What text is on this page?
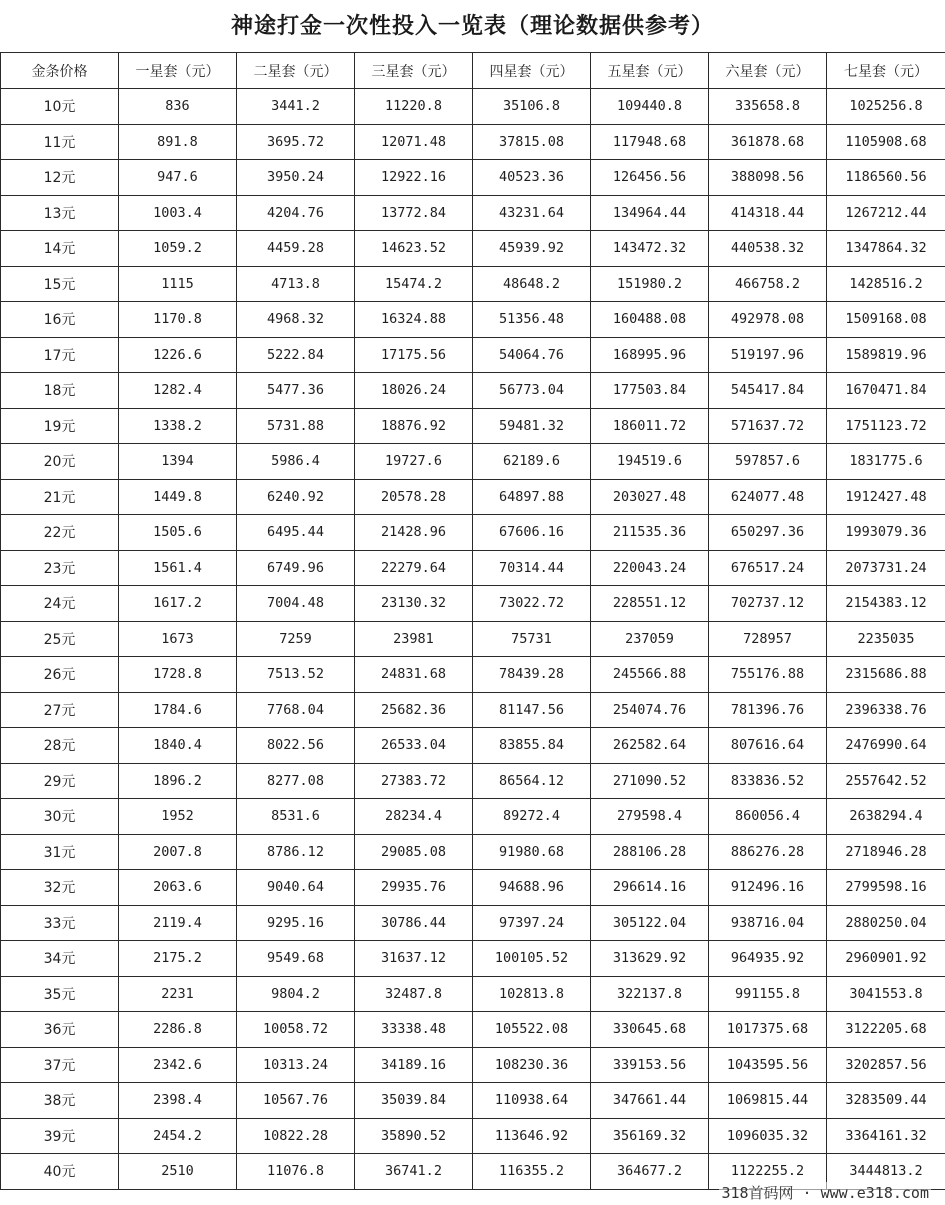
神途打金一次性投入一览表（理论数据供参考）
金条价格	一星套（元）	二星套（元）	三星套（元）	四星套（元）	五星套（元）	六星套（元）	七星套（元）
10元	836	3441.2	11220.8	35106.8	109440.8	335658.8	1025256.8
11元	891.8	3695.72	12071.48	37815.08	117948.68	361878.68	1105908.68
12元	947.6	3950.24	12922.16	40523.36	126456.56	388098.56	1186560.56
13元	1003.4	4204.76	13772.84	43231.64	134964.44	414318.44	1267212.44
14元	1059.2	4459.28	14623.52	45939.92	143472.32	440538.32	1347864.32
15元	1115	4713.8	15474.2	48648.2	151980.2	466758.2	1428516.2
16元	1170.8	4968.32	16324.88	51356.48	160488.08	492978.08	1509168.08
17元	1226.6	5222.84	17175.56	54064.76	168995.96	519197.96	1589819.96
18元	1282.4	5477.36	18026.24	56773.04	177503.84	545417.84	1670471.84
19元	1338.2	5731.88	18876.92	59481.32	186011.72	571637.72	1751123.72
20元	1394	5986.4	19727.6	62189.6	194519.6	597857.6	1831775.6
21元	1449.8	6240.92	20578.28	64897.88	203027.48	624077.48	1912427.48
22元	1505.6	6495.44	21428.96	67606.16	211535.36	650297.36	1993079.36
23元	1561.4	6749.96	22279.64	70314.44	220043.24	676517.24	2073731.24
24元	1617.2	7004.48	23130.32	73022.72	228551.12	702737.12	2154383.12
25元	1673	7259	23981	75731	237059	728957	2235035
26元	1728.8	7513.52	24831.68	78439.28	245566.88	755176.88	2315686.88
27元	1784.6	7768.04	25682.36	81147.56	254074.76	781396.76	2396338.76
28元	1840.4	8022.56	26533.04	83855.84	262582.64	807616.64	2476990.64
29元	1896.2	8277.08	27383.72	86564.12	271090.52	833836.52	2557642.52
30元	1952	8531.6	28234.4	89272.4	279598.4	860056.4	2638294.4
31元	2007.8	8786.12	29085.08	91980.68	288106.28	886276.28	2718946.28
32元	2063.6	9040.64	29935.76	94688.96	296614.16	912496.16	2799598.16
33元	2119.4	9295.16	30786.44	97397.24	305122.04	938716.04	2880250.04
34元	2175.2	9549.68	31637.12	100105.52	313629.92	964935.92	2960901.92
35元	2231	9804.2	32487.8	102813.8	322137.8	991155.8	3041553.8
36元	2286.8	10058.72	33338.48	105522.08	330645.68	1017375.68	3122205.68
37元	2342.6	10313.24	34189.16	108230.36	339153.56	1043595.56	3202857.56
38元	2398.4	10567.76	35039.84	110938.64	347661.44	1069815.44	3283509.44
39元	2454.2	10822.28	35890.52	113646.92	356169.32	1096035.32	3364161.32
40元	2510	11076.8	36741.2	116355.2	364677.2	1122255.2	3444813.2
318首码网 · www.e318.com
